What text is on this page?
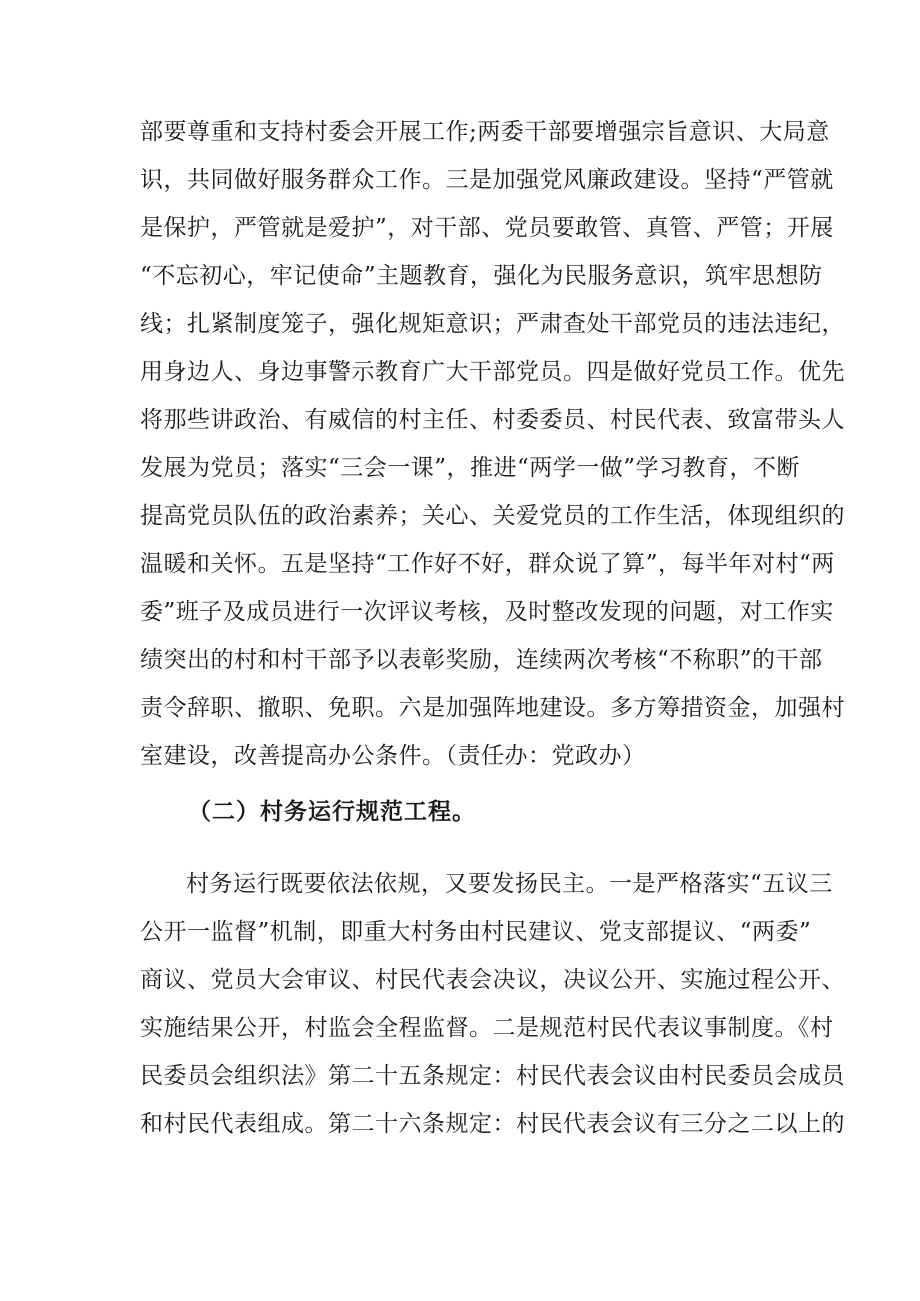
部要尊重和支持村委会开展工作;两委干部要增强宗旨意识、大局意
识，共同做好服务群众工作。三是加强党风廉政建设。坚持“严管就
是保护，严管就是爱护”，对干部、党员要敢管、真管、严管；开展
“不忘初心，牢记使命”主题教育，强化为民服务意识，筑牢思想防
线；扎紧制度笼子，强化规矩意识；严肃查处干部党员的违法违纪，
用身边人、身边事警示教育广大干部党员。四是做好党员工作。优先
将那些讲政治、有威信的村主任、村委委员、村民代表、致富带头人
发展为党员；落实“三会一课”，推进“两学一做”学习教育，不断
提高党员队伍的政治素养；关心、关爱党员的工作生活，体现组织的
温暖和关怀。五是坚持“工作好不好，群众说了算”，每半年对村“两
委”班子及成员进行一次评议考核，及时整改发现的问题，对工作实
绩突出的村和村干部予以表彰奖励，连续两次考核“不称职”的干部
责令辞职、撤职、免职。六是加强阵地建设。多方筹措资金，加强村
室建设，改善提高办公条件。（责任办：党政办）
（二）村务运行规范工程。
村务运行既要依法依规，又要发扬民主。一是严格落实“五议三
公开一监督”机制，即重大村务由村民建议、党支部提议、“两委”
商议、党员大会审议、村民代表会决议，决议公开、实施过程公开、
实施结果公开，村监会全程监督。二是规范村民代表议事制度。《村
民委员会组织法》第二十五条规定：村民代表会议由村民委员会成员
和村民代表组成。第二十六条规定：村民代表会议有三分之二以上的
